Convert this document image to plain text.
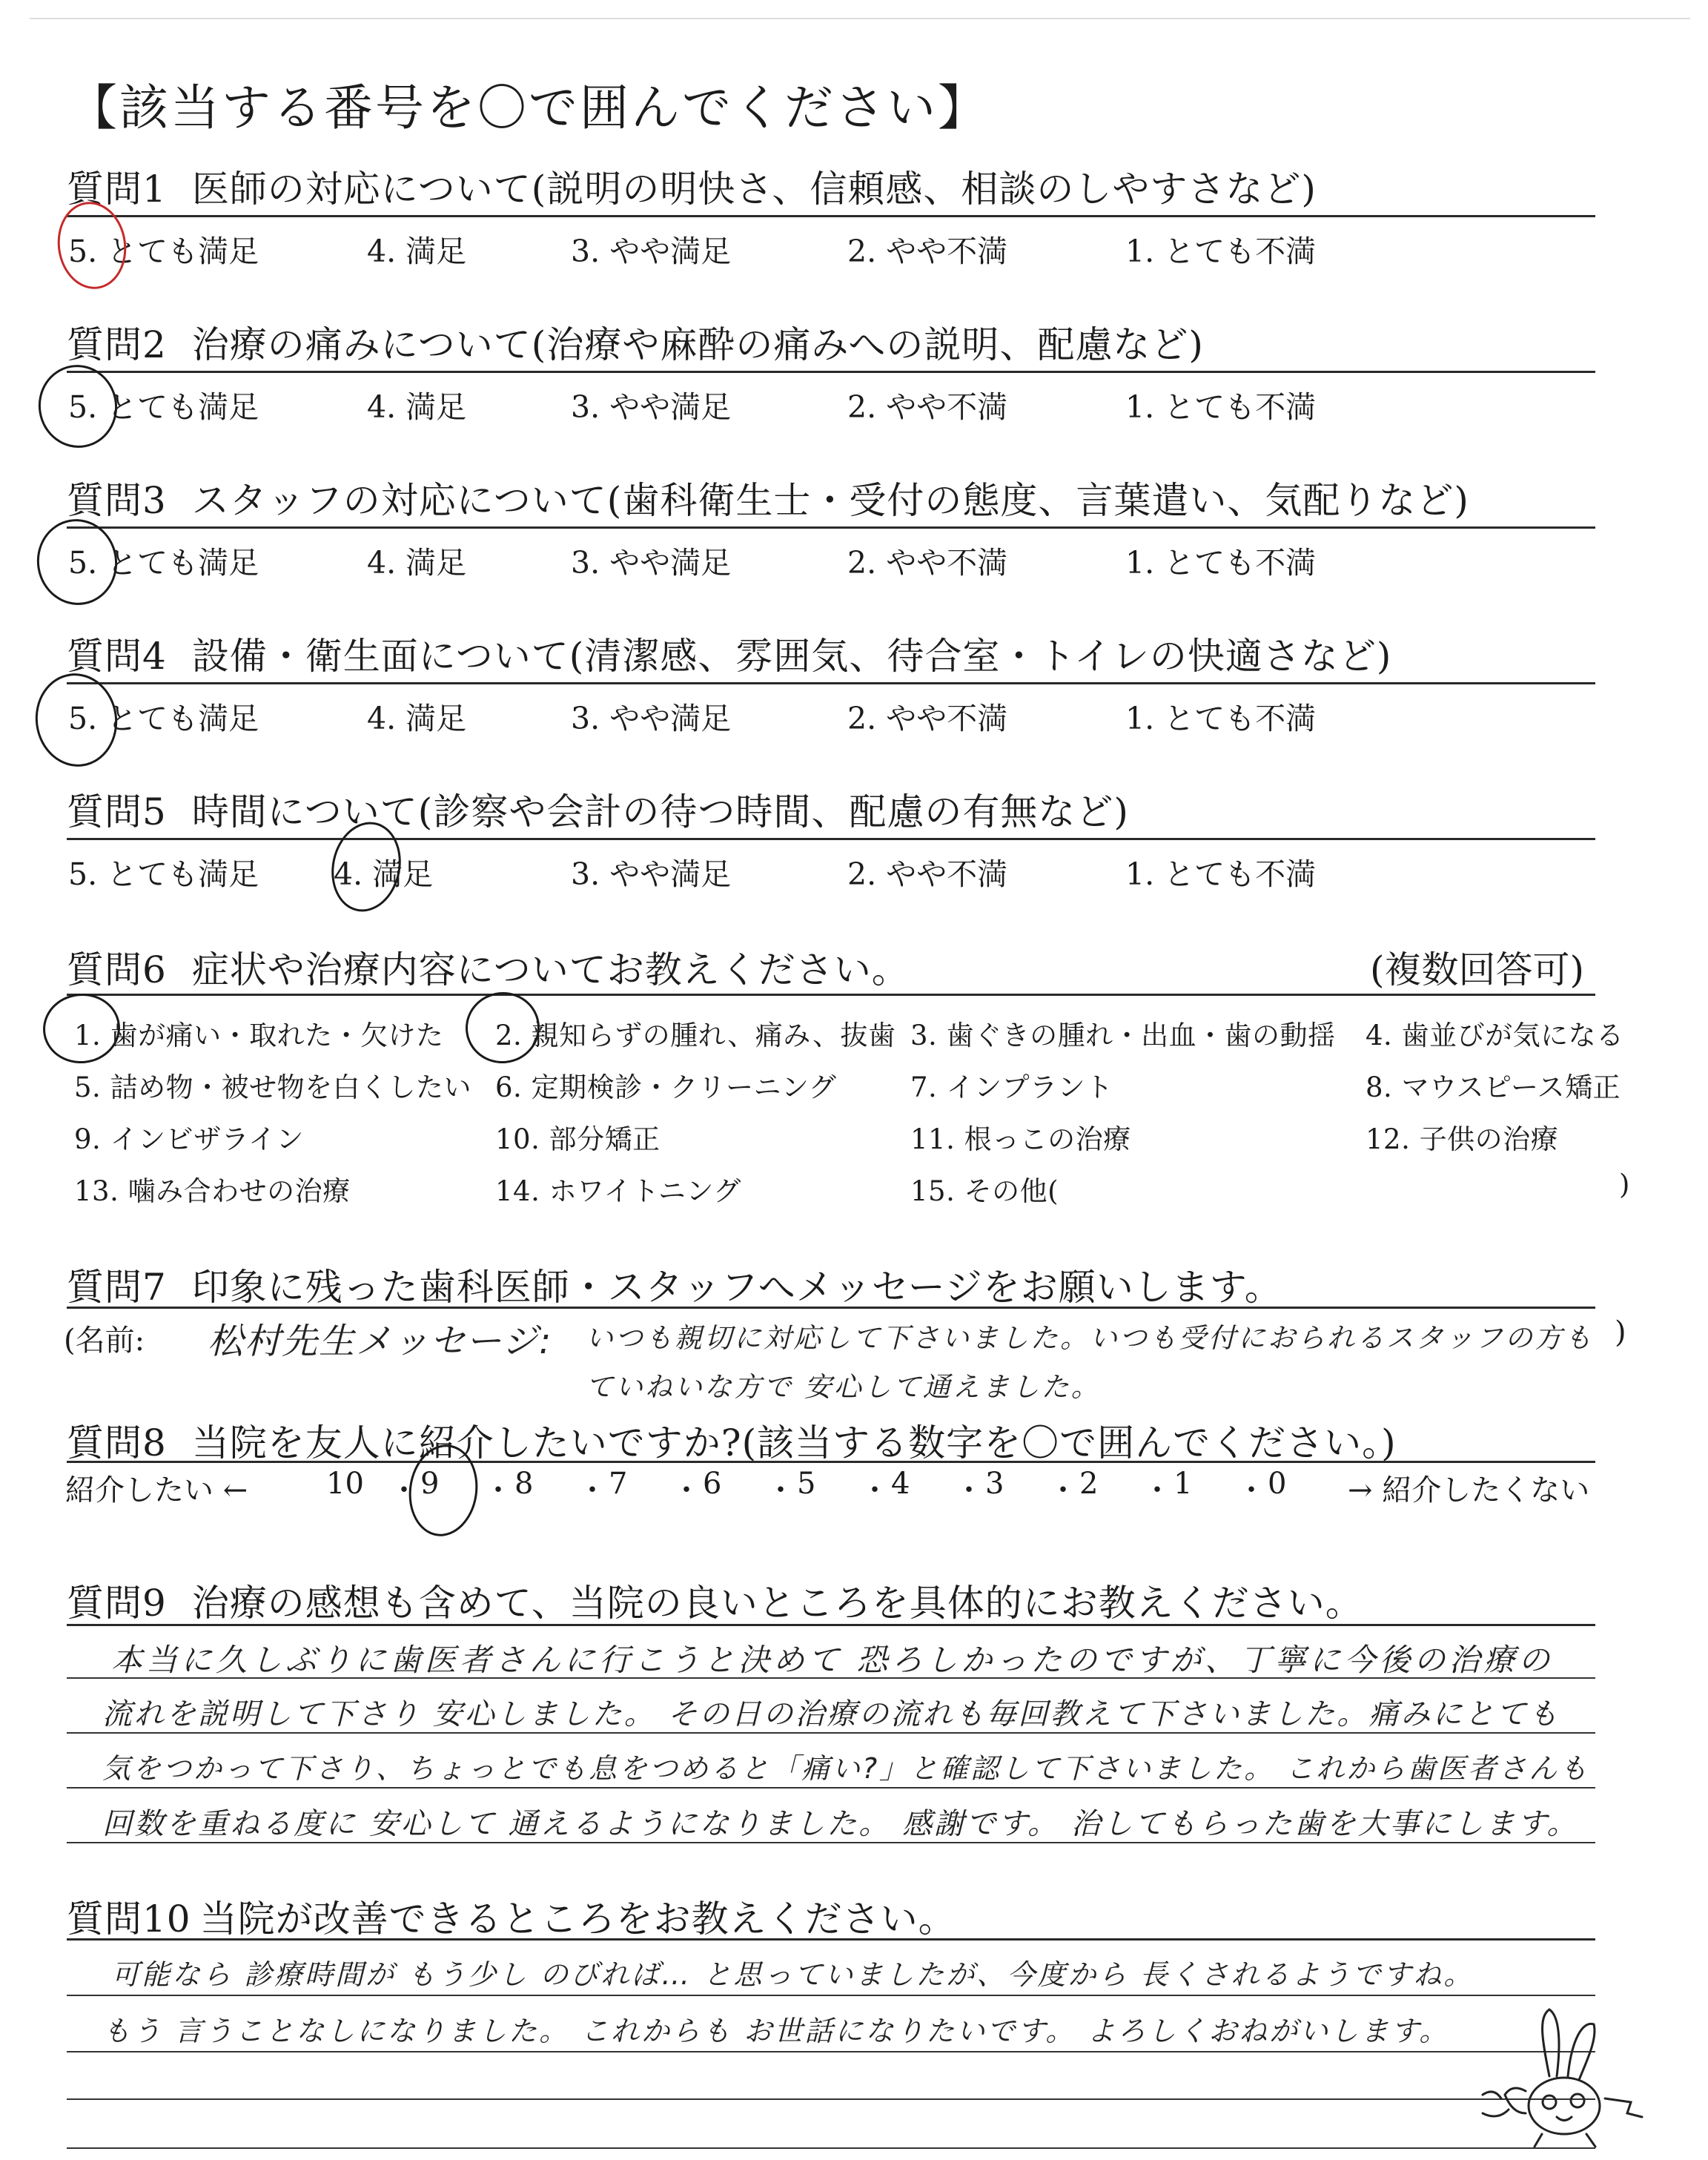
【該当する番号を〇で囲んでください】
質問1 医師の対応について(説明の明快さ、信頼感、相談のしやすさなど)
5. とても満足	4. 満足	3. やや満足	2. やや不満	1. とても不満
質問2 治療の痛みについて(治療や麻酔の痛みへの説明、配慮など)
5. とても満足	4. 満足	3. やや満足	2. やや不満	1. とても不満
質問3 スタッフの対応について(歯科衛生士・受付の態度、言葉遣い、気配りなど)
5. とても満足	4. 満足	3. やや満足	2. やや不満	1. とても不満
質問4 設備・衛生面について(清潔感、雰囲気、待合室・トイレの快適さなど)
5. とても満足	4. 満足	3. やや満足	2. やや不満	1. とても不満
質問5 時間について(診察や会計の待つ時間、配慮の有無など)
5. とても満足 4. 満足	3. やや満足	2. やや不満	1. とても不満
質問6 症状や治療内容についてお教えください。	(複数回答可)
1. 歯が痛い・取れた・欠けた 2. 親知らずの腫れ、痛み、抜歯 3. 歯ぐきの腫れ・出血・歯の動揺 4. 歯並びが気になる
5. 詰め物・被せ物を白くしたい 6. 定期検診・クリーニング	7. インプラント	8. マウスピース矯正
9. インビザライン	10. 部分矯正	11. 根っこの治療	12. 子供の治療
13. 噛み合わせの治療	14. ホワイトニング	15. その他(	)
質問7 印象に残った歯科医師・スタッフへメッセージをお願いします。
(名前: 松村先生メッセージ: いつも親切に対応して下さいました。いつも受付におられるスタッフの方も )
ていねいな方で 安心して通えました。
質問8 当院を友人に紹介したいですか?(該当する数字を〇で囲んでください。)
紹介したい ←	→ 紹介したくない
10 ・ 9 ・ 8 ・ 7 ・ 6 ・ 5 ・ 4 ・ 3 ・ 2 ・ 1 ・ 0
質問9 治療の感想も含めて、当院の良いところを具体的にお教えください。
本当に久しぶりに歯医者さんに行こうと決めて 恐ろしかったのですが、丁寧に今後の治療の
流れを説明して下さり 安心しました。 その日の治療の流れも毎回教えて下さいました。痛みにとても
気をつかって下さり、ちょっとでも息をつめると「痛い?」と確認して下さいました。 これから歯医者さんも
回数を重ねる度に 安心して 通えるようになりました。 感謝です。 治してもらった歯を大事にします。
質問10 当院が改善できるところをお教えください。
可能なら 診療時間が もう少し のびれば… と思っていましたが、今度から 長くされるようですね。
もう 言うことなしになりました。 これからも お世話になりたいです。 よろしくおねがいします。
